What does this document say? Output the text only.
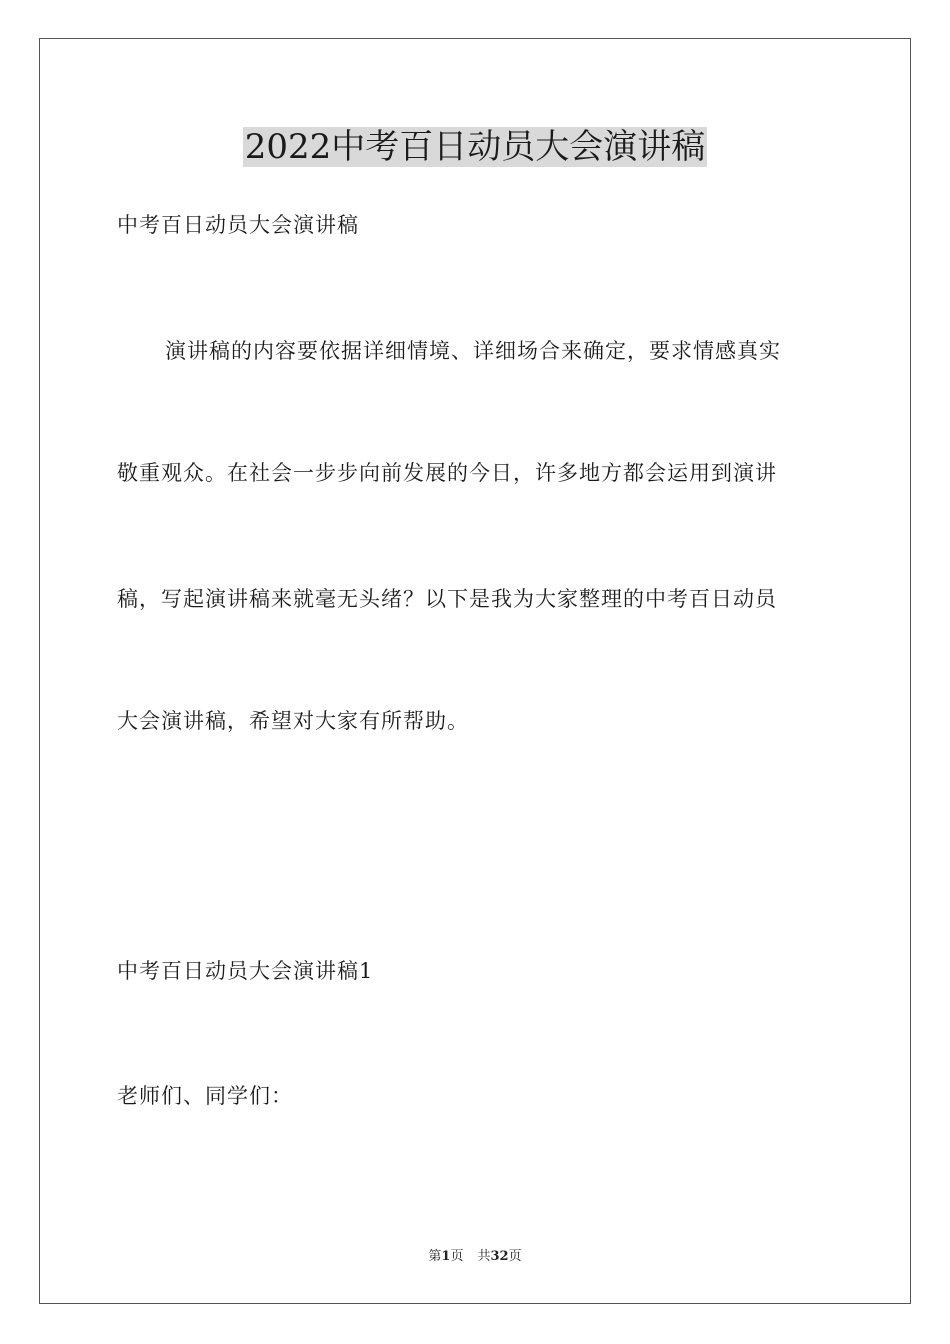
2022中考百日动员大会演讲稿
中考百日动员大会演讲稿
演讲稿的内容要依据详细情境、详细场合来确定，要求情感真实
敬重观众。在社会一步步向前发展的今日，许多地方都会运用到演讲
稿，写起演讲稿来就毫无头绪？以下是我为大家整理的中考百日动员
大会演讲稿，希望对大家有所帮助。
中考百日动员大会演讲稿1
老师们、同学们：
第1页 共32页
